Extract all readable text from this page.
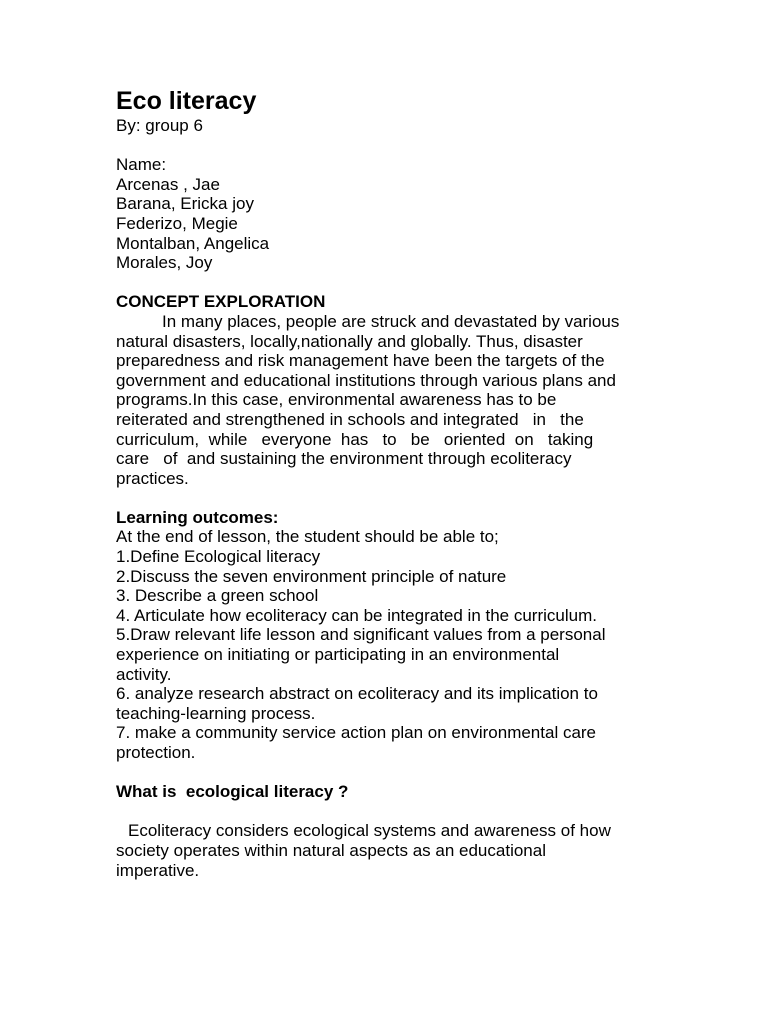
Eco literacy
By: group 6
Name:
Arcenas , Jae
Barana, Ericka joy
Federizo, Megie
Montalban, Angelica
Morales, Joy
CONCEPT EXPLORATION
In many places, people are struck and devastated by various
natural disasters, locally,nationally and globally. Thus, disaster
preparedness and risk management have been the targets of the
government and educational institutions through various plans and
programs.In this case, environmental awareness has to be
reiterated and strengthened in schools and integrated   in   the
curriculum,  while   everyone  has   to   be   oriented  on   taking
care   of  and sustaining the environment through ecoliteracy
practices.
Learning outcomes:
At the end of lesson, the student should be able to;
1.Define Ecological literacy
2.Discuss the seven environment principle of nature
3. Describe a green school
4. Articulate how ecoliteracy can be integrated in the curriculum.
5.Draw relevant life lesson and significant values from a personal
experience on initiating or participating in an environmental
activity.
6. analyze research abstract on ecoliteracy and its implication to
teaching-learning process.
7. make a community service action plan on environmental care
protection.
What is  ecological literacy ?
Ecoliteracy considers ecological systems and awareness of how
society operates within natural aspects as an educational
imperative.
